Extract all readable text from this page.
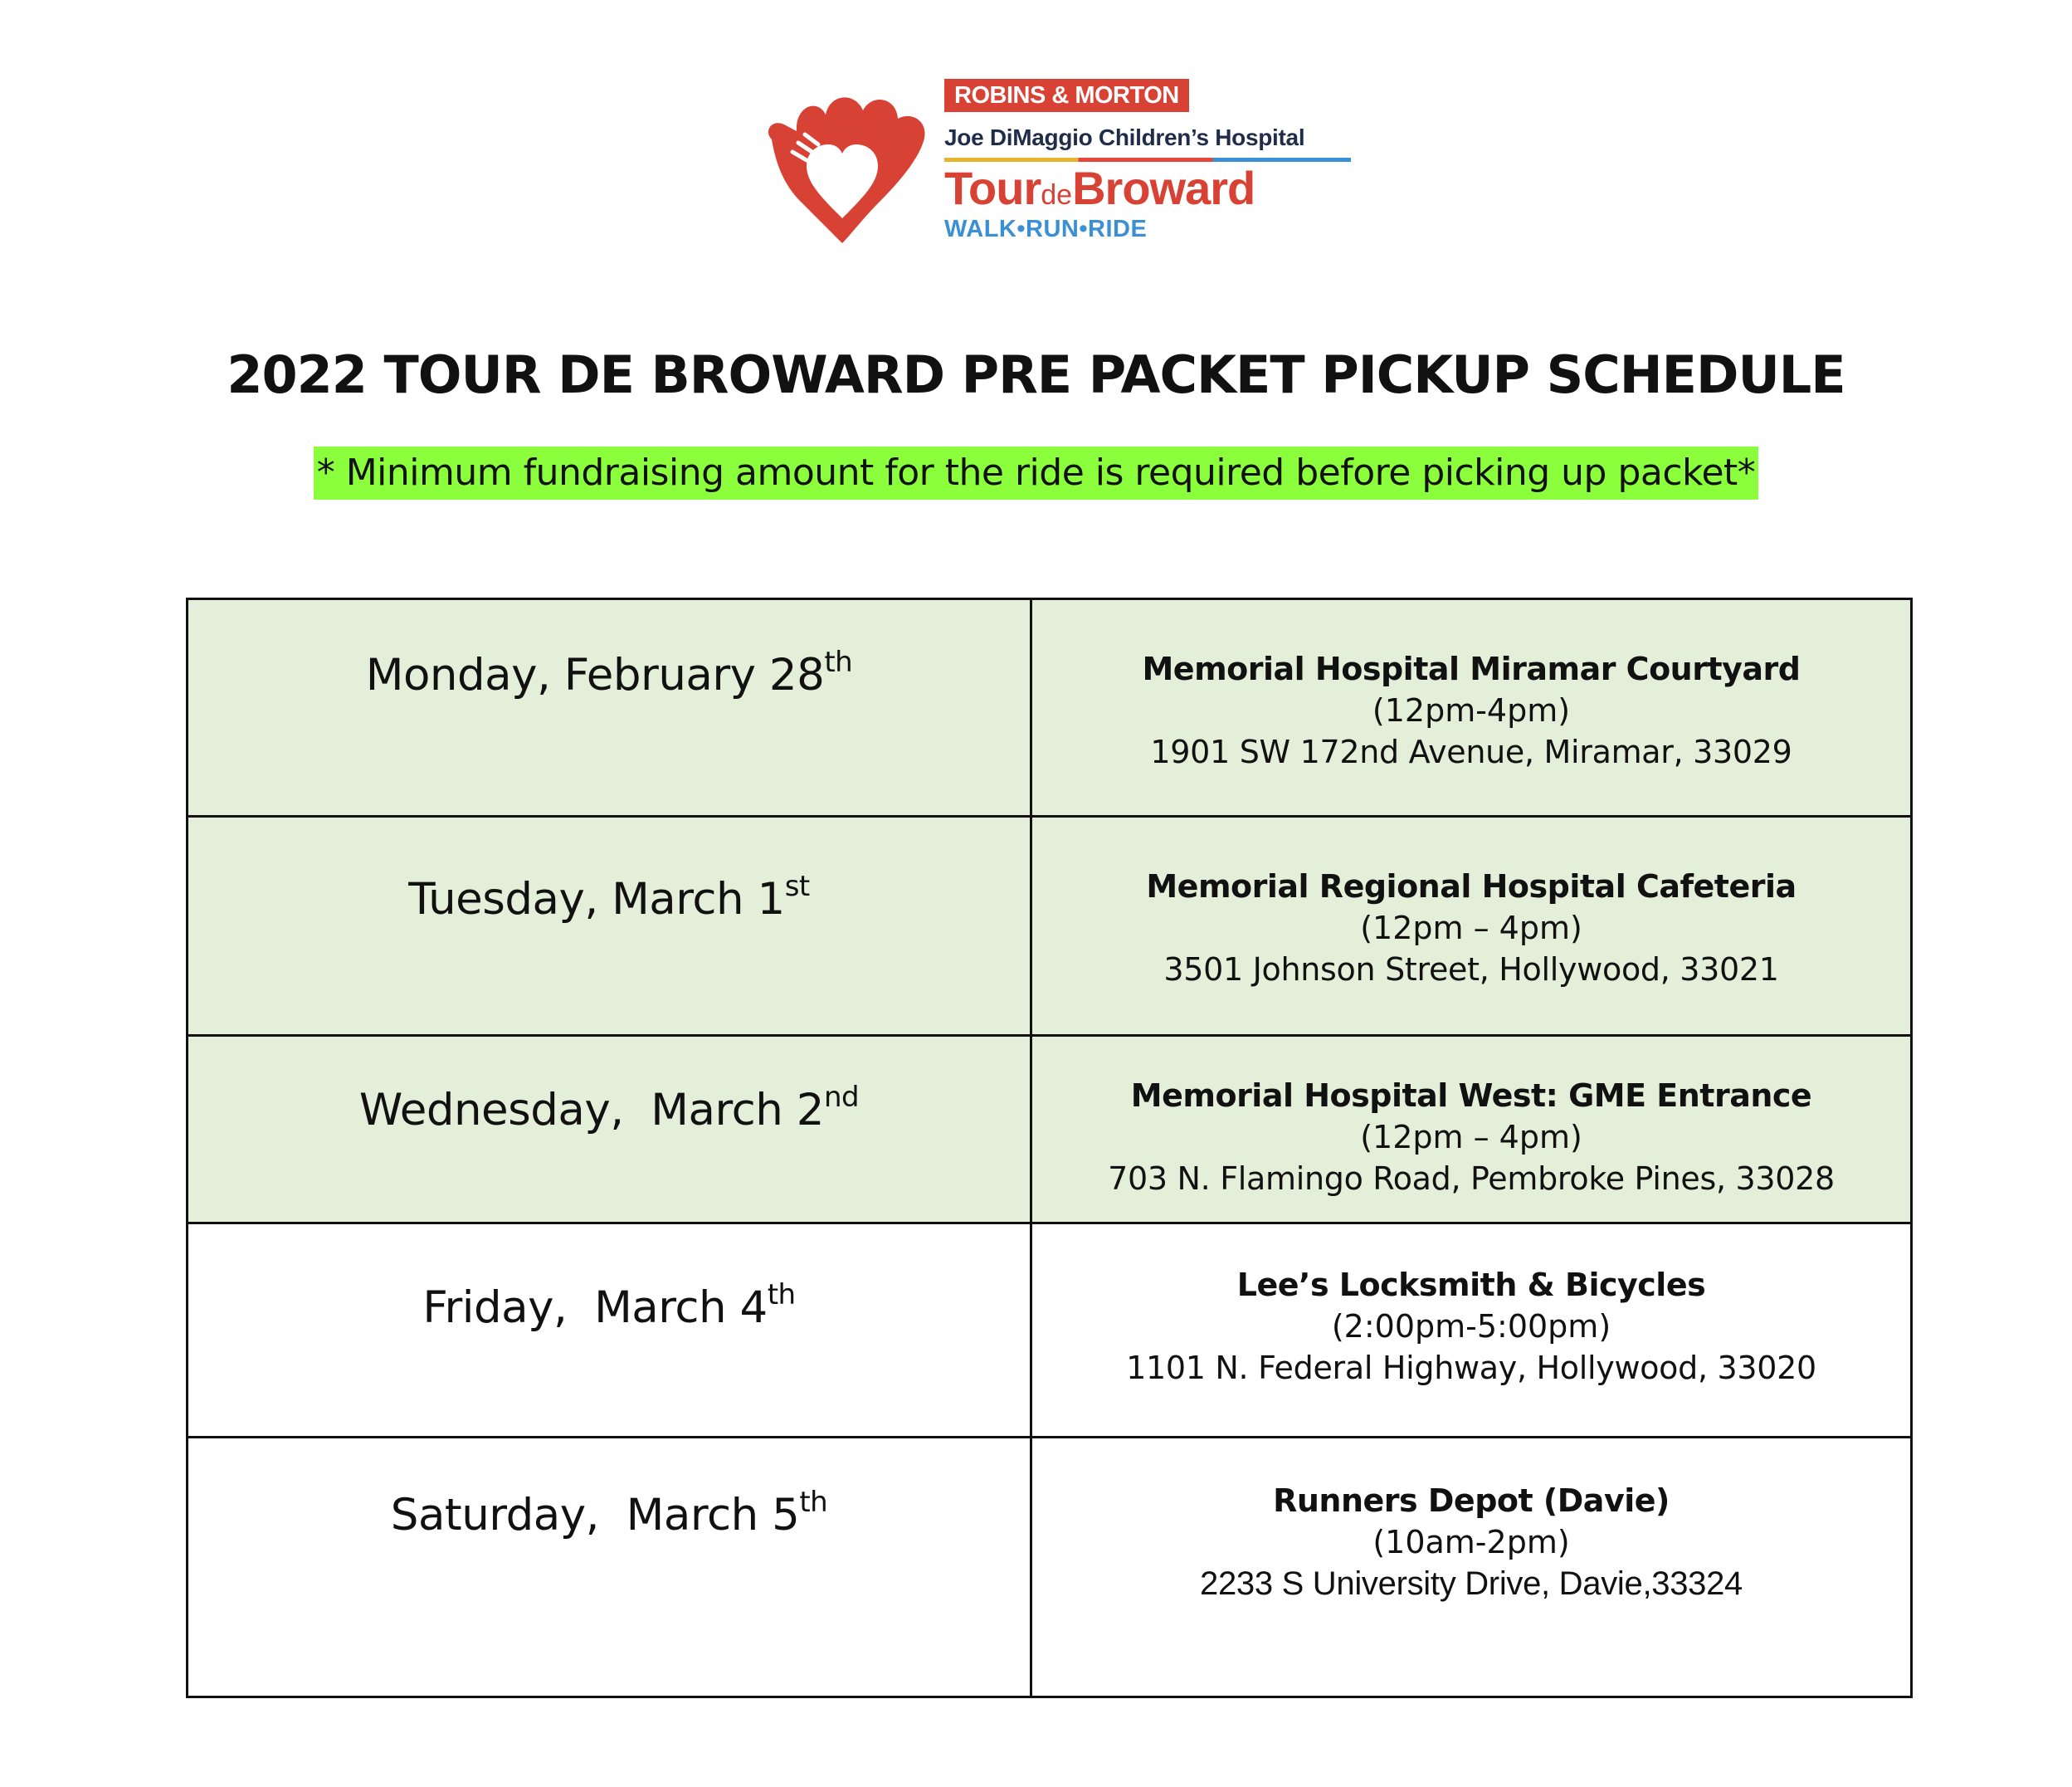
ROBINS & MORTON
Joe DiMaggio Children’s Hospital
TourdeBroward
WALK•RUN•RIDE
2022 TOUR DE BROWARD PRE PACKET PICKUP SCHEDULE
* Minimum fundraising amount for the ride is required before picking up packet*
Monday, February 28th	Memorial Hospital Miramar Courtyard
(12pm-4pm)
1901 SW 172nd Avenue, Miramar, 33029
Tuesday, March 1st	Memorial Regional Hospital Cafeteria
(12pm – 4pm)
3501 Johnson Street, Hollywood, 33021
Wednesday,  March 2nd	Memorial Hospital West: GME Entrance
(12pm – 4pm)
703 N. Flamingo Road, Pembroke Pines, 33028
Friday,  March 4th	Lee’s Locksmith & Bicycles
(2:00pm-5:00pm)
1101 N. Federal Highway, Hollywood, 33020
Saturday,  March 5th	Runners Depot (Davie)
(10am-2pm)
2233 S University Drive, Davie,33324
